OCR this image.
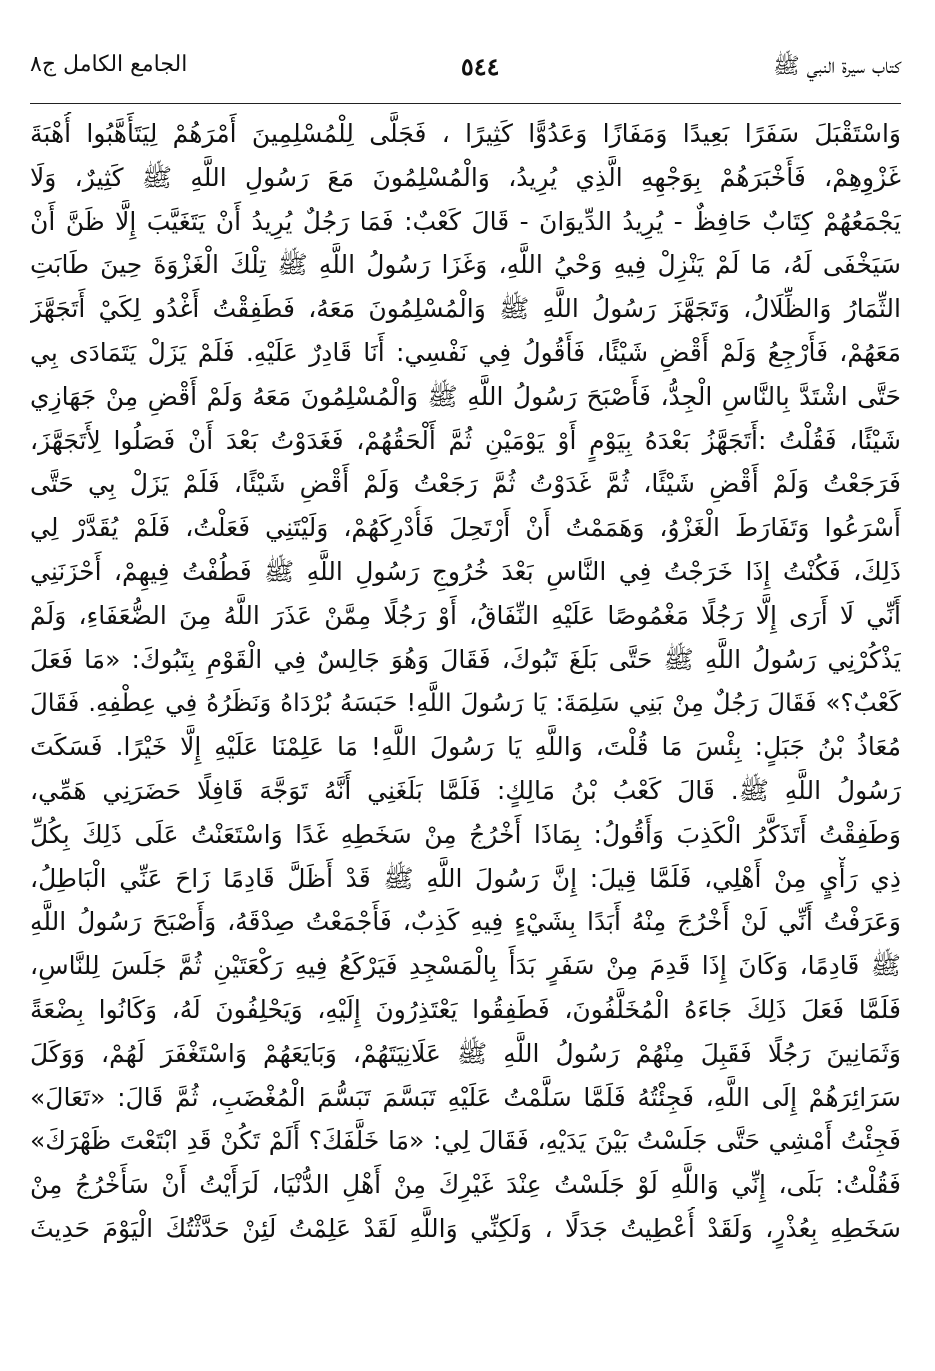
كتاب سيرة النبي ﷺ
٥٤٤
الجامع الكامل ج٨
وَاسْتَقْبَلَ سَفَرًا بَعِيدًا وَمَفَازًا وَعَدُوًّا كَثِيرًا ، فَجَلَّى لِلْمُسْلِمِينَ أَمْرَهُمْ لِيَتَأَهَّبُوا أُهْبَةَ
غَزْوِهِمْ، فَأَخْبَرَهُمْ بِوَجْهِهِ الَّذِي يُرِيدُ، وَالْمُسْلِمُونَ مَعَ رَسُولِ اللَّهِ ﷺ كَثِيرٌ، وَلَا
يَجْمَعُهُمْ كِتَابٌ حَافِظٌ - يُرِيدُ الدِّيوَانَ - قَالَ كَعْبٌ: فَمَا رَجُلٌ يُرِيدُ أَنْ يَتَغَيَّبَ إِلَّا ظَنَّ أَنْ
سَيَخْفَى لَهُ، مَا لَمْ يَنْزِلْ فِيهِ وَحْيُ اللَّهِ، وَغَزَا رَسُولُ اللَّهِ ﷺ تِلْكَ الْغَزْوَةَ حِينَ طَابَتِ
الثِّمَارُ وَالظِّلَالُ، وَتَجَهَّزَ رَسُولُ اللَّهِ ﷺ وَالْمُسْلِمُونَ مَعَهُ، فَطَفِقْتُ أَغْدُو لِكَيْ أَتَجَهَّزَ
مَعَهُمْ، فَأَرْجِعُ وَلَمْ أَقْضِ شَيْئًا، فَأَقُولُ فِي نَفْسِي: أَنَا قَادِرٌ عَلَيْهِ. فَلَمْ يَزَلْ يَتَمَادَى بِي
حَتَّى اشْتَدَّ بِالنَّاسِ الْجِدُّ، فَأَصْبَحَ رَسُولُ اللَّهِ ﷺ وَالْمُسْلِمُونَ مَعَهُ وَلَمْ أَقْضِ مِنْ جَهَازِي
شَيْئًا، فَقُلْتُ :أَتَجَهَّزُ بَعْدَهُ بِيَوْمٍ أَوْ يَوْمَيْنِ ثُمَّ أَلْحَقُهُمْ، فَغَدَوْتُ بَعْدَ أَنْ فَصَلُوا لِأَتَجَهَّزَ،
فَرَجَعْتُ وَلَمْ أَقْضِ شَيْئًا، ثُمَّ غَدَوْتُ ثُمَّ رَجَعْتُ وَلَمْ أَقْضِ شَيْئًا، فَلَمْ يَزَلْ بِي حَتَّى
أَسْرَعُوا وَتَفَارَطَ الْغَزْوُ، وَهَمَمْتُ أَنْ أَرْتَحِلَ فَأُدْرِكَهُمْ، وَلَيْتَنِي فَعَلْتُ، فَلَمْ يُقَدَّرْ لِي
ذَلِكَ، فَكُنْتُ إِذَا خَرَجْتُ فِي النَّاسِ بَعْدَ خُرُوجِ رَسُولِ اللَّهِ ﷺ فَطُفْتُ فِيهِمْ، أَحْزَنَنِي
أَنِّي لَا أَرَى إِلَّا رَجُلًا مَغْمُوصًا عَلَيْهِ النِّفَاقُ، أَوْ رَجُلًا مِمَّنْ عَذَرَ اللَّهُ مِنَ الضُّعَفَاءِ، وَلَمْ
يَذْكُرْنِي رَسُولُ اللَّهِ ﷺ حَتَّى بَلَغَ تَبُوكَ، فَقَالَ وَهُوَ جَالِسٌ فِي الْقَوْمِ بِتَبُوكَ: «مَا فَعَلَ
كَعْبٌ؟» فَقَالَ رَجُلٌ مِنْ بَنِي سَلِمَةَ: يَا رَسُولَ اللَّهِ! حَبَسَهُ بُرْدَاهُ وَنَظَرُهُ فِي عِطْفِهِ. فَقَالَ
مُعَاذُ بْنُ جَبَلٍ: بِئْسَ مَا قُلْتَ، وَاللَّهِ يَا رَسُولَ اللَّهِ! مَا عَلِمْنَا عَلَيْهِ إِلَّا خَيْرًا. فَسَكَتَ
رَسُولُ اللَّهِ ﷺ. قَالَ كَعْبُ بْنُ مَالِكٍ: فَلَمَّا بَلَغَنِي أَنَّهُ تَوَجَّهَ قَافِلًا حَضَرَنِي هَمِّي،
وَطَفِقْتُ أَتَذَكَّرُ الْكَذِبَ وَأَقُولُ: بِمَاذَا أَخْرُجُ مِنْ سَخَطِهِ غَدًا وَاسْتَعَنْتُ عَلَى ذَلِكَ بِكُلِّ
ذِي رَأْيٍ مِنْ أَهْلِي، فَلَمَّا قِيلَ: إِنَّ رَسُولَ اللَّهِ ﷺ قَدْ أَظَلَّ قَادِمًا زَاحَ عَنِّي الْبَاطِلُ،
وَعَرَفْتُ أَنِّي لَنْ أَخْرُجَ مِنْهُ أَبَدًا بِشَيْءٍ فِيهِ كَذِبٌ، فَأَجْمَعْتُ صِدْقَهُ، وَأَصْبَحَ رَسُولُ اللَّهِ
ﷺ قَادِمًا، وَكَانَ إِذَا قَدِمَ مِنْ سَفَرٍ بَدَأَ بِالْمَسْجِدِ فَيَرْكَعُ فِيهِ رَكْعَتَيْنِ ثُمَّ جَلَسَ لِلنَّاسِ،
فَلَمَّا فَعَلَ ذَلِكَ جَاءَهُ الْمُخَلَّفُونَ، فَطَفِقُوا يَعْتَذِرُونَ إِلَيْهِ، وَيَحْلِفُونَ لَهُ، وَكَانُوا بِضْعَةً
وَثَمَانِينَ رَجُلًا فَقَبِلَ مِنْهُمْ رَسُولُ اللَّهِ ﷺ عَلَانِيَتَهُمْ، وَبَايَعَهُمْ وَاسْتَغْفَرَ لَهُمْ، وَوَكَلَ
سَرَائِرَهُمْ إِلَى اللَّهِ، فَجِئْتُهُ فَلَمَّا سَلَّمْتُ عَلَيْهِ تَبَسَّمَ تَبَسُّمَ الْمُغْضَبِ، ثُمَّ قَالَ: «تَعَالَ»
فَجِئْتُ أَمْشِي حَتَّى جَلَسْتُ بَيْنَ يَدَيْهِ، فَقَالَ لِي: «مَا خَلَّفَكَ؟ أَلَمْ تَكُنْ قَدِ ابْتَعْتَ ظَهْرَكَ»
فَقُلْتُ: بَلَى، إِنِّي وَاللَّهِ لَوْ جَلَسْتُ عِنْدَ غَيْرِكَ مِنْ أَهْلِ الدُّنْيَا، لَرَأَيْتُ أَنْ سَأَخْرُجُ مِنْ
سَخَطِهِ بِعُذْرٍ، وَلَقَدْ أُعْطِيتُ جَدَلًا ، وَلَكِنِّي وَاللَّهِ لَقَدْ عَلِمْتُ لَئِنْ حَدَّثْتُكَ الْيَوْمَ حَدِيثَ
